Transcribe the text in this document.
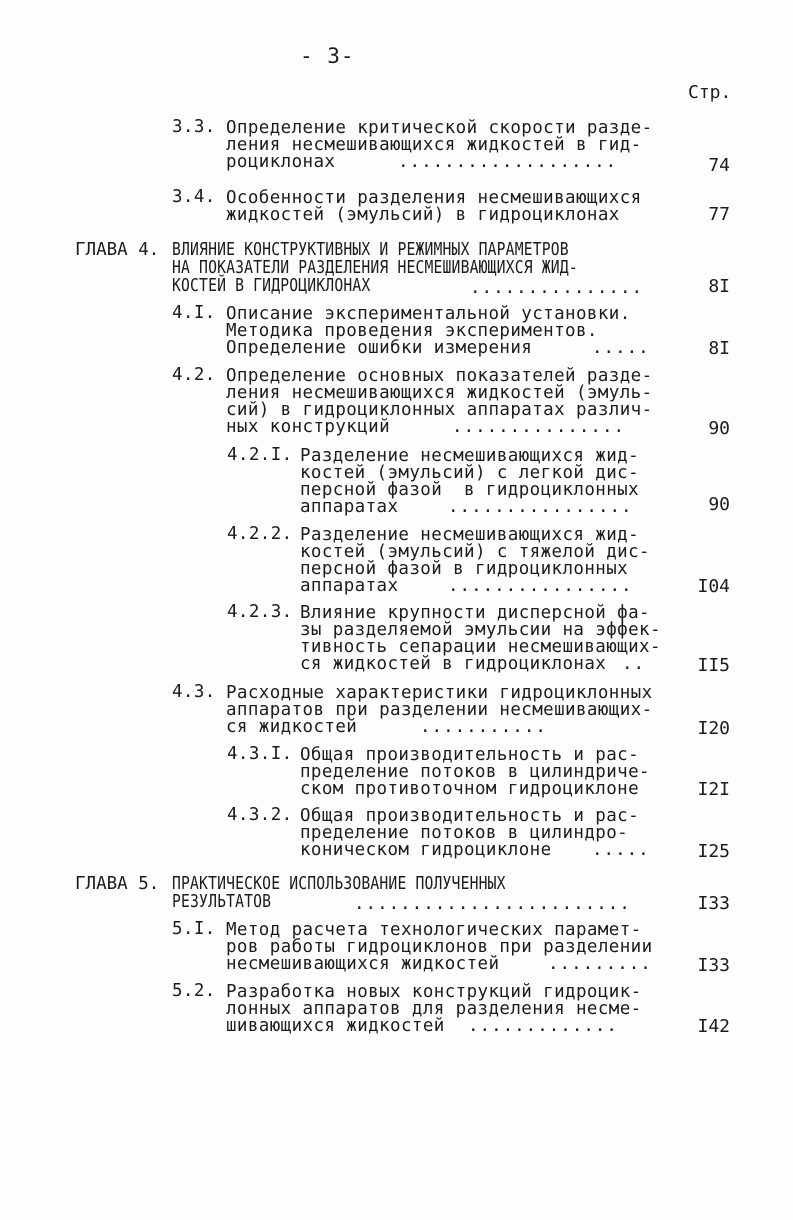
- 3-
Стр.
3.3. Определение критической скорости разде-
ления несмешивающихся жидкостей в гид-
роциклонах	...................	74
3.4. Особенности разделения несмешивающихся
жидкостей (эмульсий) в гидроциклонах	77
ГЛАВА 4. ВЛИЯНИЕ КОНСТРУКТИВНЫХ И РЕЖИМНЫХ ПАРАМЕТРОВ
НА ПОКАЗАТЕЛИ РАЗДЕЛЕНИЯ НЕСМЕШИВАЮЩИХСЯ ЖИД-
КОСТЕЙ В ГИДРОЦИКЛОНАХ	...............	8I
4.I. Описание экспериментальной установки.
Методика проведения экспериментов.
Определение ошибки измерения	.....	8I
4.2. Определение основных показателей разде-
ления несмешивающихся жидкостей (эмуль-
сий) в гидроциклонных аппаратах различ-
ных конструкций	...............	90
4.2.I. Разделение несмешивающихся жид-
костей (эмульсий) с легкой дис-
персной фазой  в гидроциклонных
аппаратах	................	90
4.2.2. Разделение несмешивающихся жид-
костей (эмульсий) с тяжелой дис-
персной фазой в гидроциклонных
аппаратах	................	I04
4.2.3. Влияние крупности дисперсной фа-
зы разделяемой эмульсии на эффек-
тивность сепарации несмешивающих-
ся жидкостей в гидроциклонах ..	II5
4.3. Расходные характеристики гидроциклонных
аппаратов при разделении несмешивающих-
ся жидкостей	...........	I20
4.3.I. Общая производительность и рас-
пределение потоков в цилиндриче-
ском противоточном гидроциклоне	I2I
4.3.2. Общая производительность и рас-
пределение потоков в цилиндро-
коническом гидроциклоне .....	I25
ГЛАВА 5. ПРАКТИЧЕСКОЕ ИСПОЛЬЗОВАНИЕ ПОЛУЧЕННЫХ
РЕЗУЛЬТАТОВ	........................	I33
5.I. Метод расчета технологических парамет-
ров работы гидроциклонов при разделении
несмешивающихся жидкостей	.........	I33
5.2. Разработка новых конструкций гидроцик-
лонных аппаратов для разделения несме-
шивающихся жидкостей .............	I42
